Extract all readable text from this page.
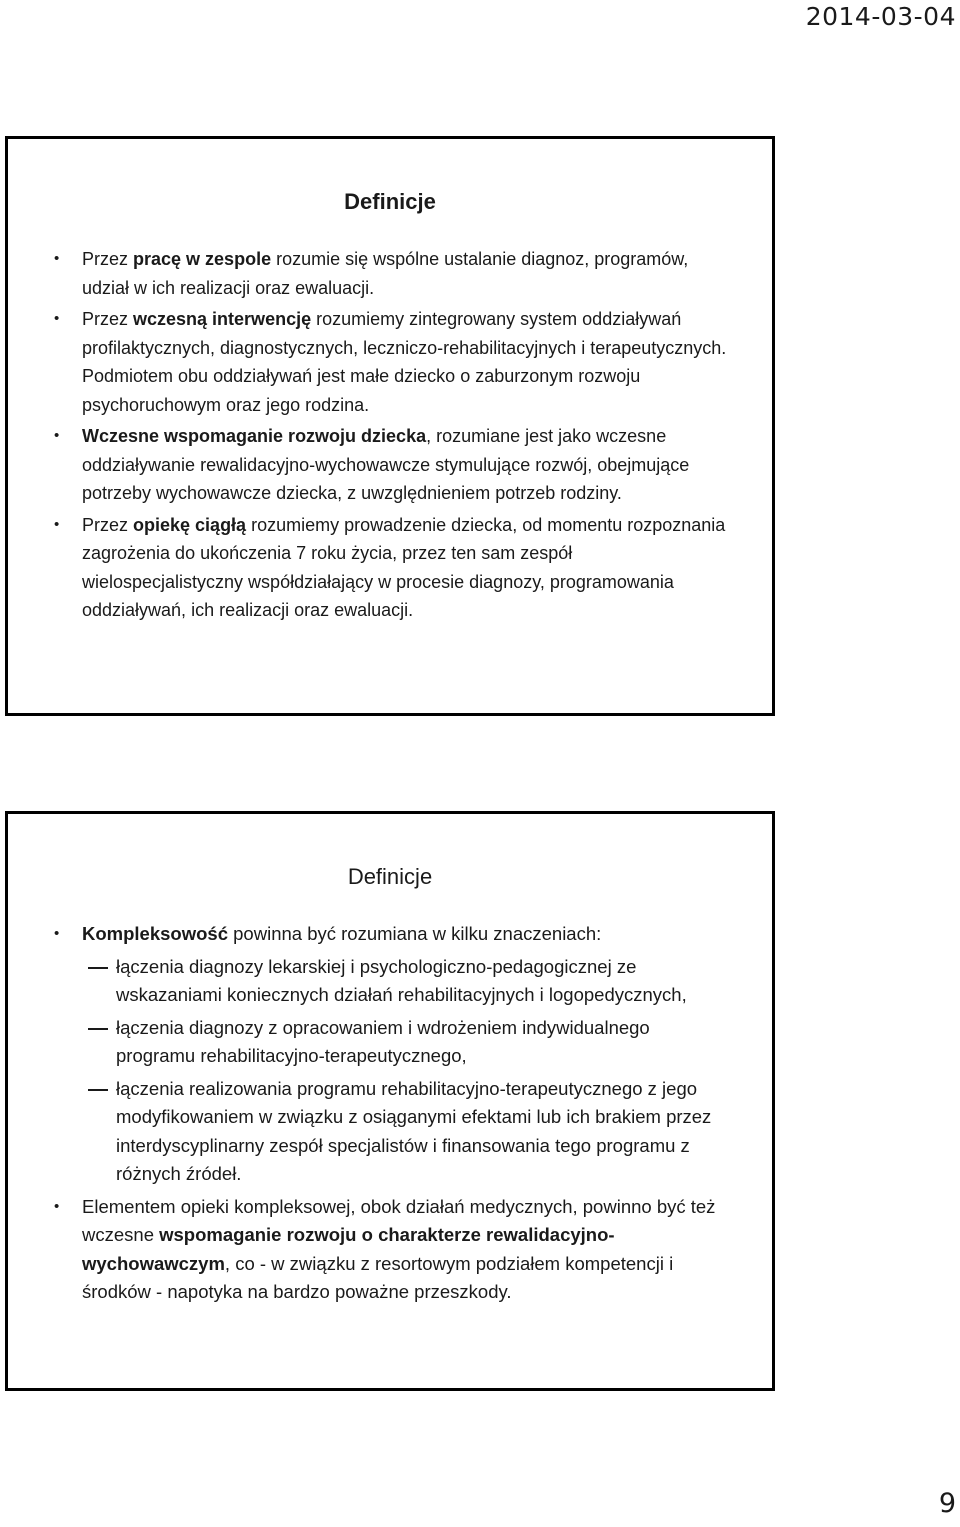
2014-03-04
Definicje
• Przez pracę w zespole rozumie się wspólne ustalanie diagnoz, programów, udział w ich realizacji oraz ewaluacji.
• Przez wczesną interwencję rozumiemy zintegrowany system oddziaływań profilaktycznych, diagnostycznych, leczniczo-rehabilitacyjnych i terapeutycznych. Podmiotem obu oddziaływań jest małe dziecko o zaburzonym rozwoju psychoruchowym oraz jego rodzina.
• Wczesne wspomaganie rozwoju dziecka, rozumiane jest jako wczesne oddziaływanie rewalidacyjno-wychowawcze stymulujące rozwój, obejmujące potrzeby wychowawcze dziecka, z uwzględnieniem potrzeb rodziny.
• Przez opiekę ciągłą rozumiemy prowadzenie dziecka, od momentu rozpoznania zagrożenia do ukończenia 7 roku życia, przez ten sam zespół wielospecjalistyczny współdziałający w procesie diagnozy, programowania oddziaływań, ich realizacji oraz ewaluacji.
Definicje
• Kompleksowość powinna być rozumiana w kilku znaczeniach:
łączenia diagnozy lekarskiej i psychologiczno-pedagogicznej ze wskazaniami koniecznych działań rehabilitacyjnych i logopedycznych,
łączenia diagnozy z opracowaniem i wdrożeniem indywidualnego programu rehabilitacyjno-terapeutycznego,
łączenia realizowania programu rehabilitacyjno-terapeutycznego z jego modyfikowaniem w związku z osiąganymi efektami lub ich brakiem przez interdyscyplinarny zespół specjalistów i finansowania tego programu z różnych źródeł.
• Elementem opieki kompleksowej, obok działań medycznych, powinno być też wczesne wspomaganie rozwoju o charakterze rewalidacyjno-wychowawczym, co - w związku z resortowym podziałem kompetencji i środków - napotyka na bardzo poważne przeszkody.
9
